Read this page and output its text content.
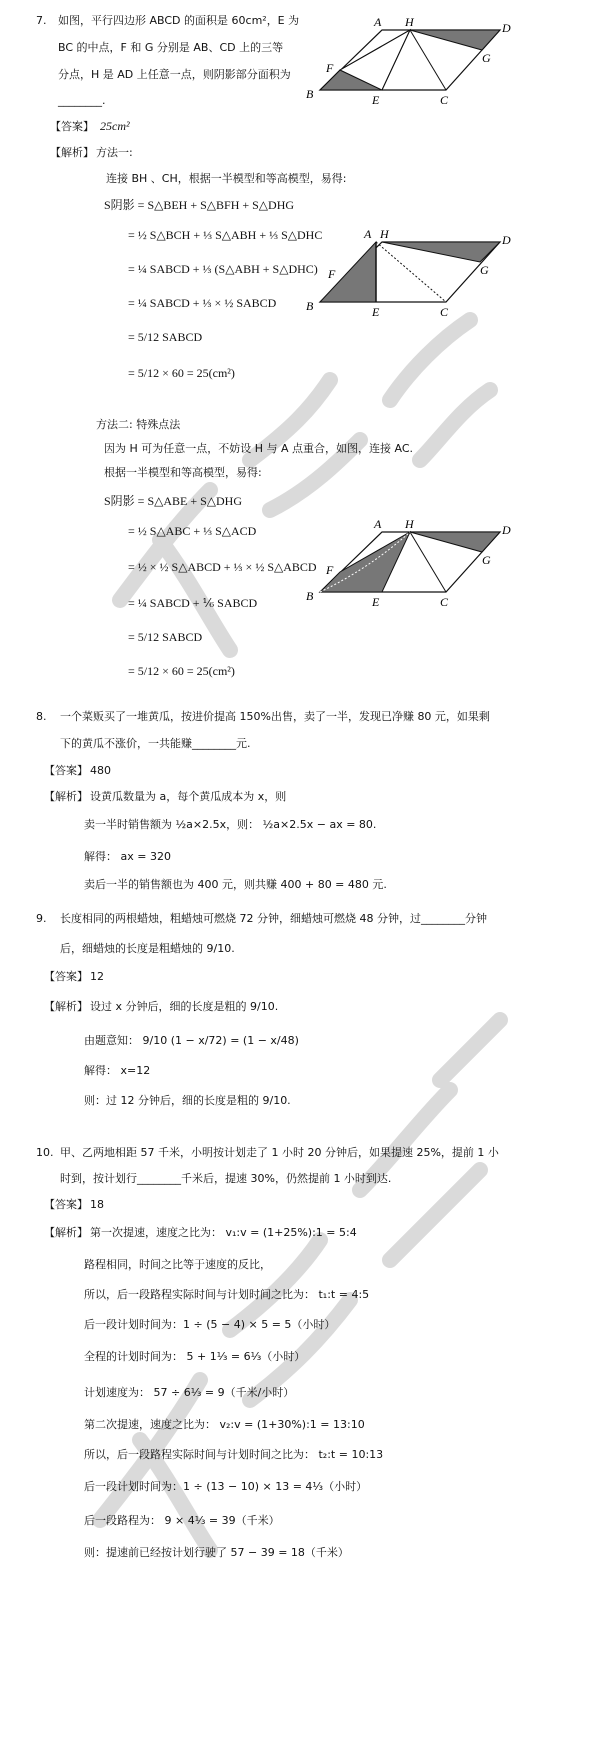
7. 如图，平行四边形 ABCD 的面积是 60cm²，E 为
BC 的中点，F 和 G 分别是 AB、CD 上的三等
分点，H 是 AD 上任意一点，则阴影部分面积为
________.
A H	D
G
F
B	E	C
【答案】 25cm²
【解析】 方法一:
连接 BH 、CH，根据一半模型和等高模型，易得:
S阴影 = S△BEH + S△BFH + S△DHG
= ½ S△BCH + ⅓ S△ABH + ⅓ S△DHC
= ¼ SABCD + ⅓ (S△ABH + S△DHC)
= ¼ SABCD + ⅓ × ½ SABCD
= 5/12 SABCD
= 5/12 × 60 = 25(cm²)
A H	D
G
F
B	E	C
方法二: 特殊点法
因为 H 可为任意一点，不妨设 H 与 A 点重合，如图，连接 AC.
根据一半模型和等高模型，易得:
S阴影 = S△ABE + S△DHG
= ½ S△ABC + ⅓ S△ACD
= ½ × ½ S△ABCD + ⅓ × ½ S△ABCD
= ¼ SABCD + ⅙ SABCD
= 5/12 SABCD
= 5/12 × 60 = 25(cm²)
A H	D
G
F
B	E	C
8. 一个菜贩买了一堆黄瓜，按进价提高 150%出售，卖了一半，发现已净赚 80 元，如果剩
下的黄瓜不涨价，一共能赚________元.
【答案】 480
【解析】 设黄瓜数量为 a，每个黄瓜成本为 x，则
卖一半时销售额为 ½a×2.5x，则： ½a×2.5x − ax = 80.
解得： ax = 320
卖后一半的销售额也为 400 元，则共赚 400 + 80 = 480 元.
9. 长度相同的两根蜡烛，粗蜡烛可燃烧 72 分钟，细蜡烛可燃烧 48 分钟，过________分钟
后，细蜡烛的长度是粗蜡烛的 9/10.
【答案】 12
【解析】 设过 x 分钟后，细的长度是粗的 9/10.
由题意知： 9/10 (1 − x/72) = (1 − x/48)
解得： x=12
则：过 12 分钟后，细的长度是粗的 9/10.
10. 甲、乙两地相距 57 千米，小明按计划走了 1 小时 20 分钟后，如果提速 25%，提前 1 小
时到，按计划行________千米后，提速 30%，仍然提前 1 小时到达.
【答案】 18
【解析】 第一次提速，速度之比为： v₁:v = (1+25%):1 = 5:4
路程相同，时间之比等于速度的反比，
所以，后一段路程实际时间与计划时间之比为： t₁:t = 4:5
后一段计划时间为：1 ÷ (5 − 4) × 5 = 5（小时）
全程的计划时间为： 5 + 1⅓ = 6⅓（小时）
计划速度为： 57 ÷ 6⅓ = 9（千米/小时）
第二次提速，速度之比为： v₂:v = (1+30%):1 = 13:10
所以，后一段路程实际时间与计划时间之比为： t₂:t = 10:13
后一段计划时间为：1 ÷ (13 − 10) × 13 = 4⅓（小时）
后一段路程为： 9 × 4⅓ = 39（千米）
则：提速前已经按计划行驶了 57 − 39 = 18（千米）
